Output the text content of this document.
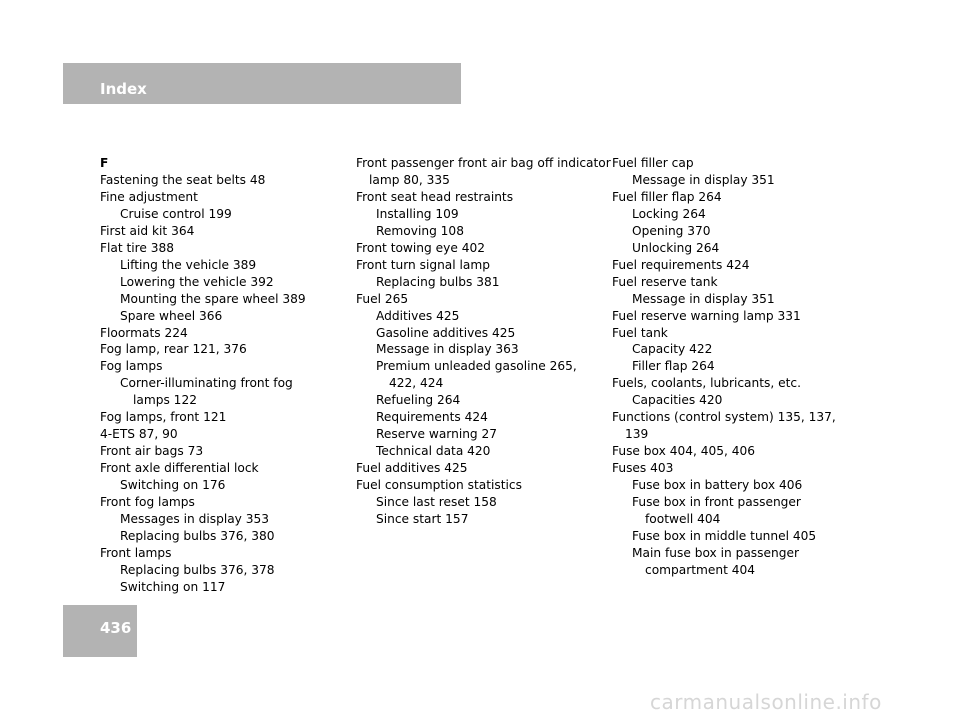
Index
F
Fastening the seat belts 48
Fine adjustment
Cruise control 199
First aid kit 364
Flat tire 388
Lifting the vehicle 389
Lowering the vehicle 392
Mounting the spare wheel 389
Spare wheel 366
Floormats 224
Fog lamp, rear 121, 376
Fog lamps
Corner-illuminating front fog
lamps 122
Fog lamps, front 121
4-ETS 87, 90
Front air bags 73
Front axle differential lock
Switching on 176
Front fog lamps
Messages in display 353
Replacing bulbs 376, 380
Front lamps
Replacing bulbs 376, 378
Switching on 117
Front passenger front air bag off indicator
lamp 80, 335
Front seat head restraints
Installing 109
Removing 108
Front towing eye 402
Front turn signal lamp
Replacing bulbs 381
Fuel 265
Additives 425
Gasoline additives 425
Message in display 363
Premium unleaded gasoline 265,
422, 424
Refueling 264
Requirements 424
Reserve warning 27
Technical data 420
Fuel additives 425
Fuel consumption statistics
Since last reset 158
Since start 157
Fuel filler cap
Message in display 351
Fuel filler flap 264
Locking 264
Opening 370
Unlocking 264
Fuel requirements 424
Fuel reserve tank
Message in display 351
Fuel reserve warning lamp 331
Fuel tank
Capacity 422
Filler flap 264
Fuels, coolants, lubricants, etc.
Capacities 420
Functions (control system) 135, 137,
139
Fuse box 404, 405, 406
Fuses 403
Fuse box in battery box 406
Fuse box in front passenger
footwell 404
Fuse box in middle tunnel 405
Main fuse box in passenger
compartment 404
436
carmanualsonline.info
